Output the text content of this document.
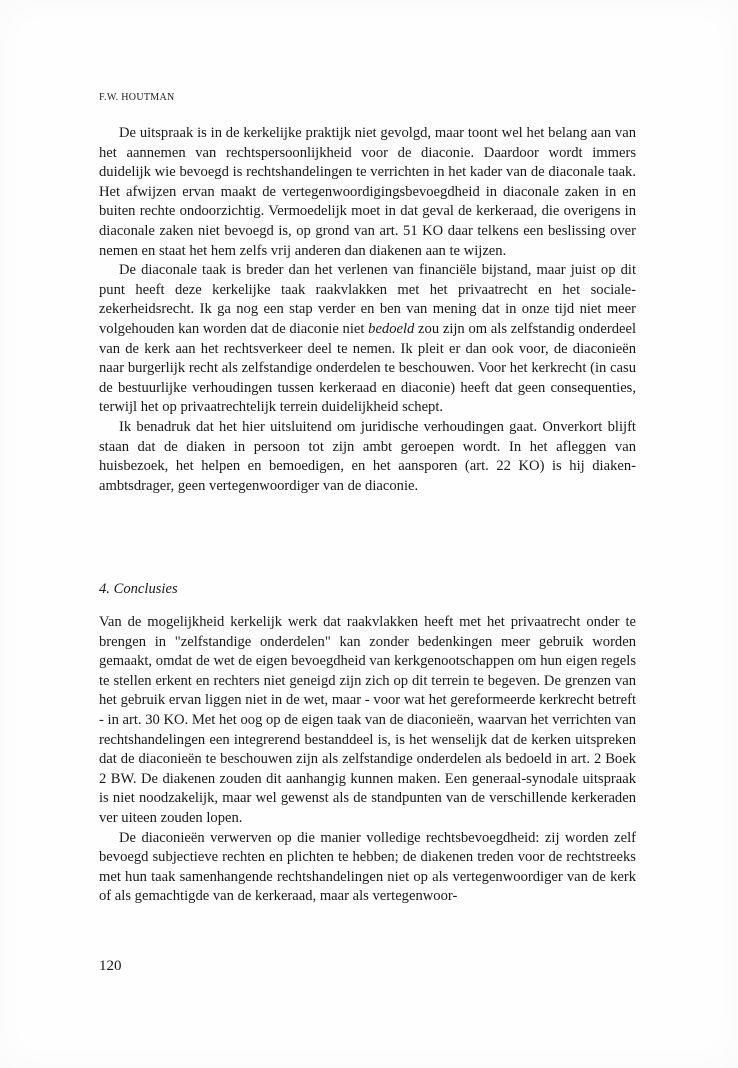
F.W. HOUTMAN

De uitspraak is in de kerkelijke praktijk niet gevolgd, maar toont wel het belang aan van het aannemen van rechtspersoonlijkheid voor de diaconie. Daardoor wordt immers duidelijk wie bevoegd is rechtshandelingen te verrichten in het kader van de diaconale taak. Het afwijzen ervan maakt de vertegenwoordigingsbevoegdheid in diaconale zaken in en buiten rechte ondoorzichtig. Vermoedelijk moet in dat geval de kerkeraad, die overigens in diaconale zaken niet bevoegd is, op grond van art. 51 KO daar telkens een beslissing over nemen en staat het hem zelfs vrij anderen dan diakenen aan te wijzen.

De diaconale taak is breder dan het verlenen van financiële bijstand, maar juist op dit punt heeft deze kerkelijke taak raakvlakken met het privaatrecht en het sociale-zekerheidsrecht. Ik ga nog een stap verder en ben van mening dat in onze tijd niet meer volgehouden kan worden dat de diaconie niet bedoeld zou zijn om als zelfstandig onderdeel van de kerk aan het rechtsverkeer deel te nemen. Ik pleit er dan ook voor, de diaconieën naar burgerlijk recht als zelfstandige onderdelen te beschouwen. Voor het kerkrecht (in casu de bestuurlijke verhoudingen tussen kerkeraad en diaconie) heeft dat geen consequenties, terwijl het op privaatrechtelijk terrein duidelijkheid schept.

Ik benadruk dat het hier uitsluitend om juridische verhoudingen gaat. Onverkort blijft staan dat de diaken in persoon tot zijn ambt geroepen wordt. In het afleggen van huisbezoek, het helpen en bemoedigen, en het aansporen (art. 22 KO) is hij diaken-ambtsdrager, geen vertegenwoordiger van de diaconie.

4. Conclusies

Van de mogelijkheid kerkelijk werk dat raakvlakken heeft met het privaatrecht onder te brengen in "zelfstandige onderdelen" kan zonder bedenkingen meer gebruik worden gemaakt, omdat de wet de eigen bevoegdheid van kerkgenootschappen om hun eigen regels te stellen erkent en rechters niet geneigd zijn zich op dit terrein te begeven. De grenzen van het gebruik ervan liggen niet in de wet, maar - voor wat het gereformeerde kerkrecht betreft - in art. 30 KO. Met het oog op de eigen taak van de diaconieën, waarvan het verrichten van rechtshandelingen een integrerend bestanddeel is, is het wenselijk dat de kerken uitspreken dat de diaconieën te beschouwen zijn als zelfstandige onderdelen als bedoeld in art. 2 Boek 2 BW. De diakenen zouden dit aanhangig kunnen maken. Een generaal-synodale uitspraak is niet noodzakelijk, maar wel gewenst als de standpunten van de verschillende kerkeraden ver uiteen zouden lopen.

De diaconieën verwerven op die manier volledige rechtsbevoegdheid: zij worden zelf bevoegd subjectieve rechten en plichten te hebben; de diakenen treden voor de rechtstreeks met hun taak samenhangende rechtshandelingen niet op als vertegenwoordiger van de kerk of als gemachtigde van de kerkeraad, maar als vertegenwoor-

120
